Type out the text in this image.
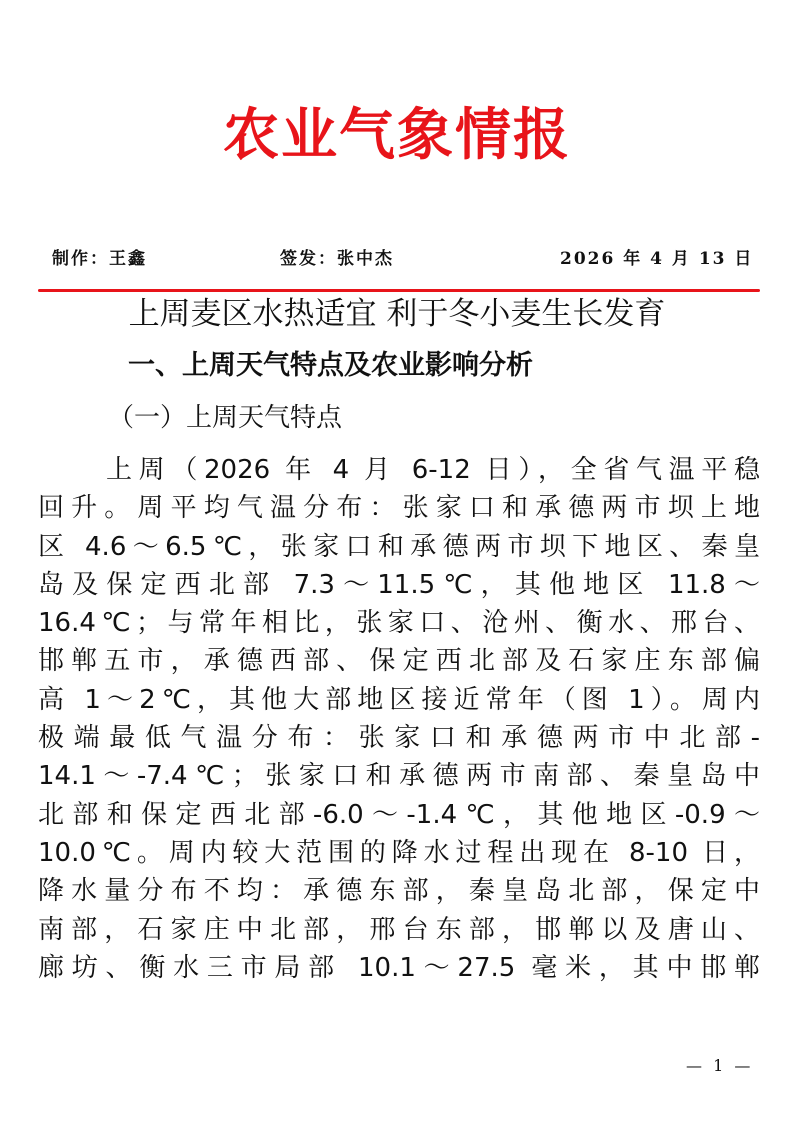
农业气象情报
制作：王鑫	签发：张中杰	2026 年 4 月 13 日
上周麦区水热适宜 利于冬小麦生长发育
一、上周天气特点及农业影响分析
（一）上周天气特点
上周（2026 年 4 月 6-12 日），全省气温平稳
回升。周平均气温分布：张家口和承德两市坝上地
区 4.6～6.5℃，张家口和承德两市坝下地区、秦皇
岛及保定西北部 7.3～11.5℃，其他地区 11.8～
16.4℃；与常年相比，张家口、沧州、衡水、邢台、
邯郸五市，承德西部、保定西北部及石家庄东部偏
高 1～2℃，其他大部地区接近常年（图 1）。周内
极端最低气温分布：张家口和承德两市中北部-
14.1～-7.4℃；张家口和承德两市南部、秦皇岛中
北部和保定西北部-6.0～-1.4℃，其他地区-0.9～
10.0℃。周内较大范围的降水过程出现在 8-10 日，
降水量分布不均：承德东部，秦皇岛北部，保定中
南部，石家庄中北部，邢台东部，邯郸以及唐山、
廊坊、衡水三市局部 10.1～27.5 毫米，其中邯郸
— 1 —
